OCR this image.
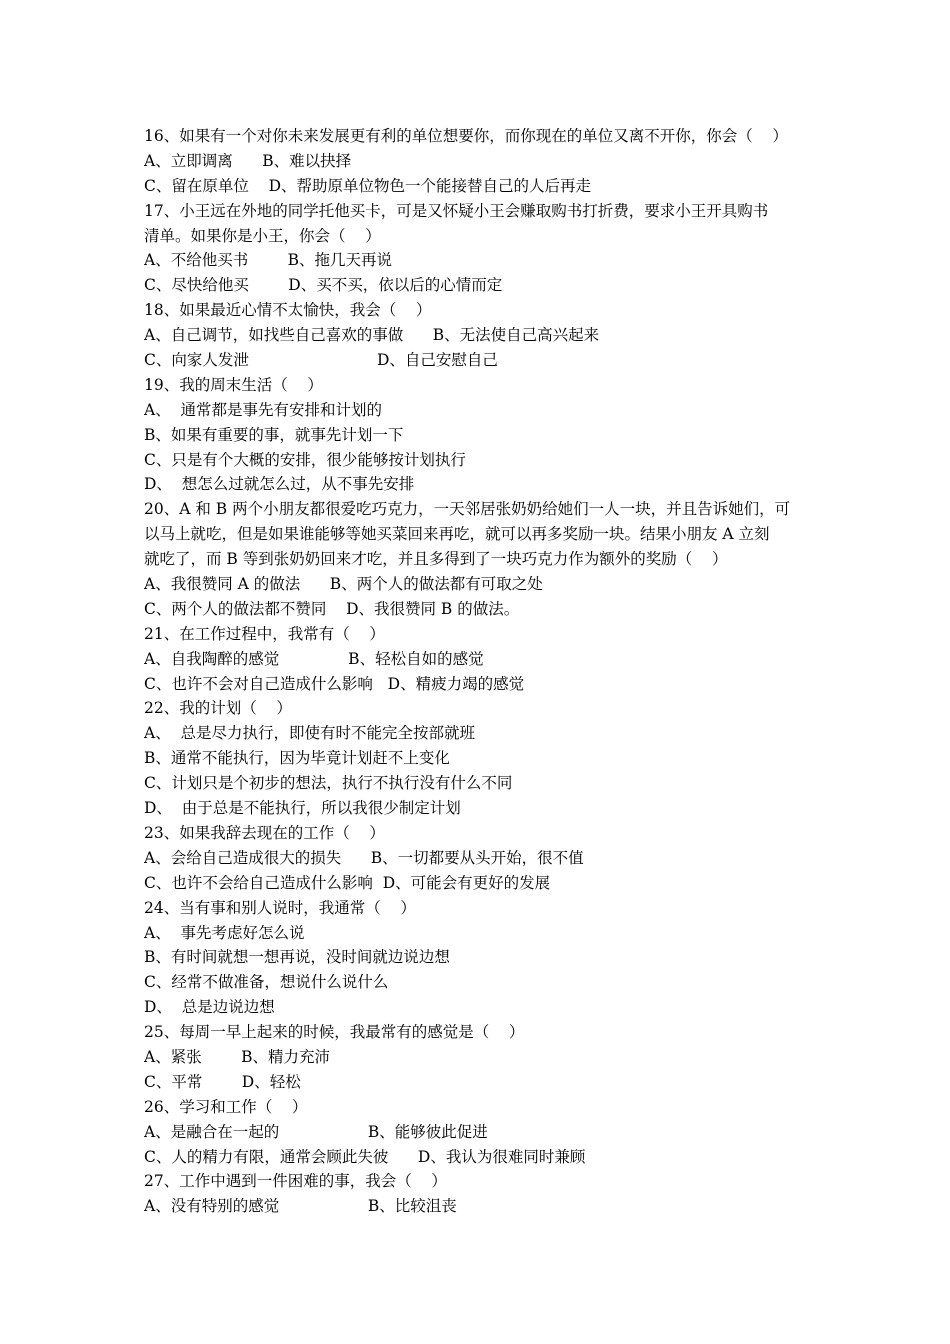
16、如果有一个对你未来发展更有利的单位想要你，而你现在的单位又离不开你，你会（    ）
A、立即调离      B、难以抉择
C、留在原单位    D、帮助原单位物色一个能接替自己的人后再走
17、小王远在外地的同学托他买卡，可是又怀疑小王会赚取购书打折费，要求小王开具购书
清单。如果你是小王，你会（    ）
A、不给他买书        B、拖几天再说
C、尽快给他买        D、买不买，依以后的心情而定
18、如果最近心情不太愉快，我会（    ）
A、自己调节，如找些自己喜欢的事做      B、无法使自己高兴起来
C、向家人发泄                          D、自己安慰自己
19、我的周末生活（    ）
A、  通常都是事先有安排和计划的
B、如果有重要的事，就事先计划一下
C、只是有个大概的安排，很少能够按计划执行
D、  想怎么过就怎么过，从不事先安排
20、A 和 B 两个小朋友都很爱吃巧克力，一天邻居张奶奶给她们一人一块，并且告诉她们，可
以马上就吃，但是如果谁能够等她买菜回来再吃，就可以再多奖励一块。结果小朋友 A 立刻
就吃了，而 B 等到张奶奶回来才吃，并且多得到了一块巧克力作为额外的奖励（    ）
A、我很赞同 A 的做法      B、两个人的做法都有可取之处
C、两个人的做法都不赞同    D、我很赞同 B 的做法。
21、在工作过程中，我常有（    ）
A、自我陶醉的感觉              B、轻松自如的感觉
C、也许不会对自己造成什么影响   D、精疲力竭的感觉
22、我的计划（    ）
A、  总是尽力执行，即使有时不能完全按部就班
B、通常不能执行，因为毕竟计划赶不上变化
C、计划只是个初步的想法，执行不执行没有什么不同
D、  由于总是不能执行，所以我很少制定计划
23、如果我辞去现在的工作（    ）
A、会给自己造成很大的损失      B、一切都要从头开始，很不值
C、也许不会给自己造成什么影响  D、可能会有更好的发展
24、当有事和别人说时，我通常（    ）
A、  事先考虑好怎么说
B、有时间就想一想再说，没时间就边说边想
C、经常不做准备，想说什么说什么
D、  总是边说边想
25、每周一早上起来的时候，我最常有的感觉是（    ）
A、紧张        B、精力充沛
C、平常        D、轻松
26、学习和工作（    ）
A、是融合在一起的                  B、能够彼此促进
C、人的精力有限，通常会顾此失彼      D、我认为很难同时兼顾
27、工作中遇到一件困难的事，我会（    ）
A、没有特别的感觉                  B、比较沮丧
